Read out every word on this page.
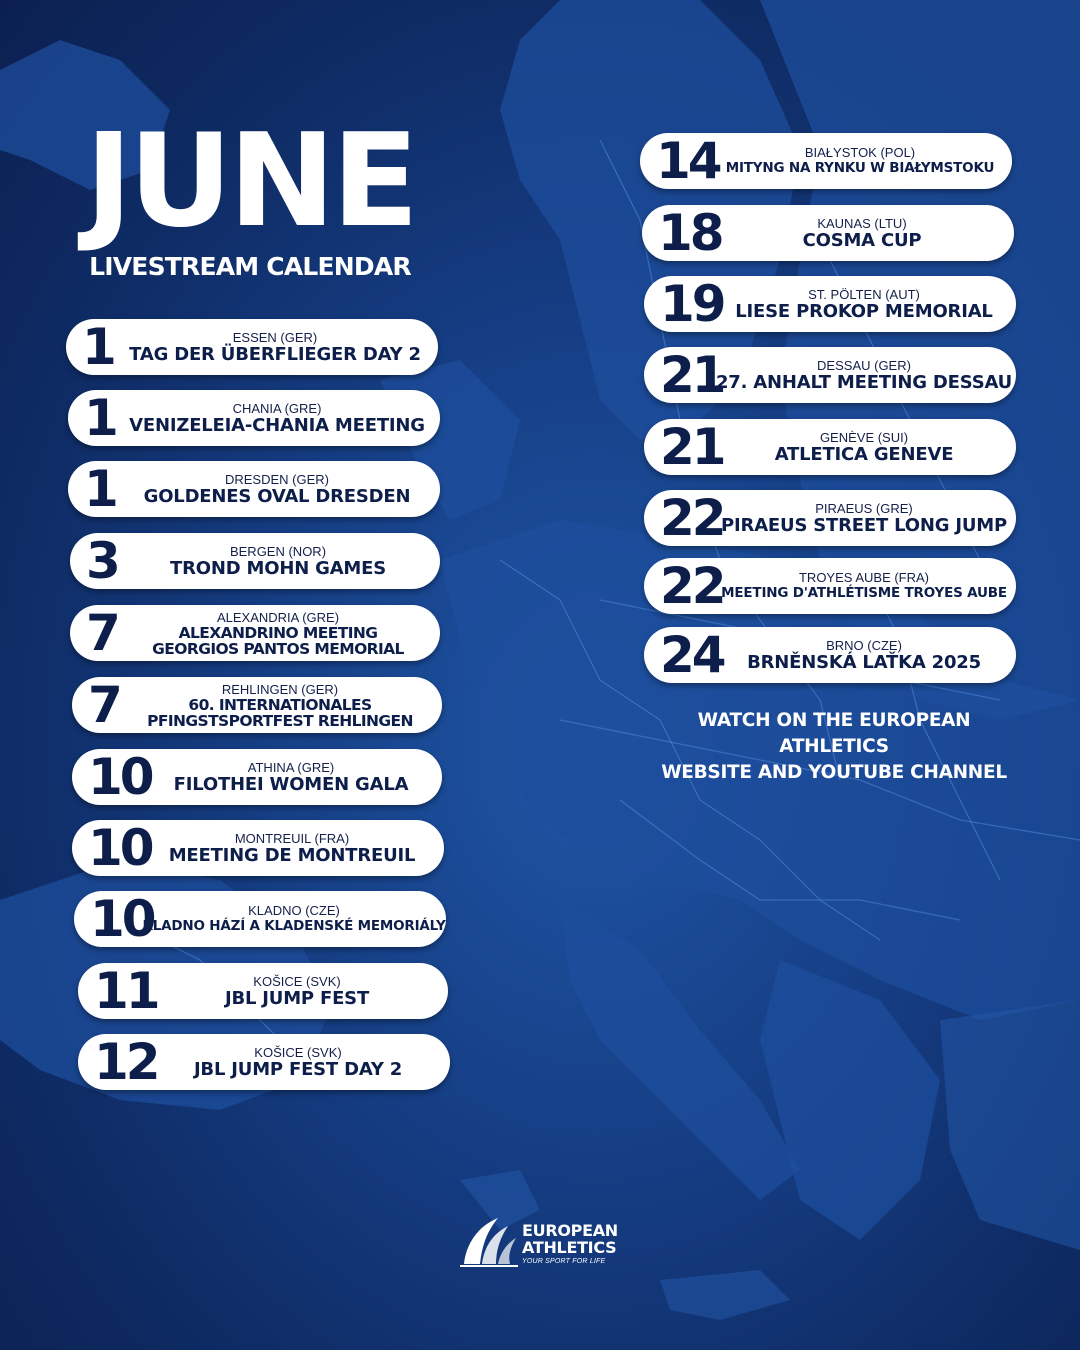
JUNE
LIVESTREAM CALENDAR
1	ESSEN (GER)
TAG DER ÜBERFLIEGER DAY 2
1	CHANIA (GRE)
VENIZELEIA-CHANIA MEETING
1	DRESDEN (GER)
GOLDENES OVAL DRESDEN
3	BERGEN (NOR)
TROND MOHN GAMES
7	ALEXANDRIA (GRE)
ALEXANDRINO MEETING
GEORGIOS PANTOS MEMORIAL
7	REHLINGEN (GER)
60. INTERNATIONALES
PFINGSTSPORTFEST REHLINGEN
10	ATHINA (GRE)
FILOTHEI WOMEN GALA
10	MONTREUIL (FRA)
MEETING DE MONTREUIL
10	KLADNO (CZE)
KLADNO HÁZÍ A KLADENSKÉ MEMORIÁLY
11	KOŠICE (SVK)
JBL JUMP FEST
12	KOŠICE (SVK)
JBL JUMP FEST DAY 2
14	BIAŁYSTOK (POL)
MITYNG NA RYNKU W BIAŁYMSTOKU
18	KAUNAS (LTU)
COSMA CUP
19	ST. PÖLTEN (AUT)
LIESE PROKOP MEMORIAL
21	DESSAU (GER)
27. ANHALT MEETING DESSAU
21	GENÈVE (SUI)
ATLETICA GENEVE
22	PIRAEUS (GRE)
PIRAEUS STREET LONG JUMP
22	TROYES AUBE (FRA)
MEETING D'ATHLÉTISME TROYES AUBE
24	BRNO (CZE)
BRNĚNSKÁ LAŤKA 2025
WATCH ON THE EUROPEAN ATHLETICS
WEBSITE AND YOUTUBE CHANNEL
EUROPEAN
ATHLETICS
YOUR SPORT FOR LIFE
